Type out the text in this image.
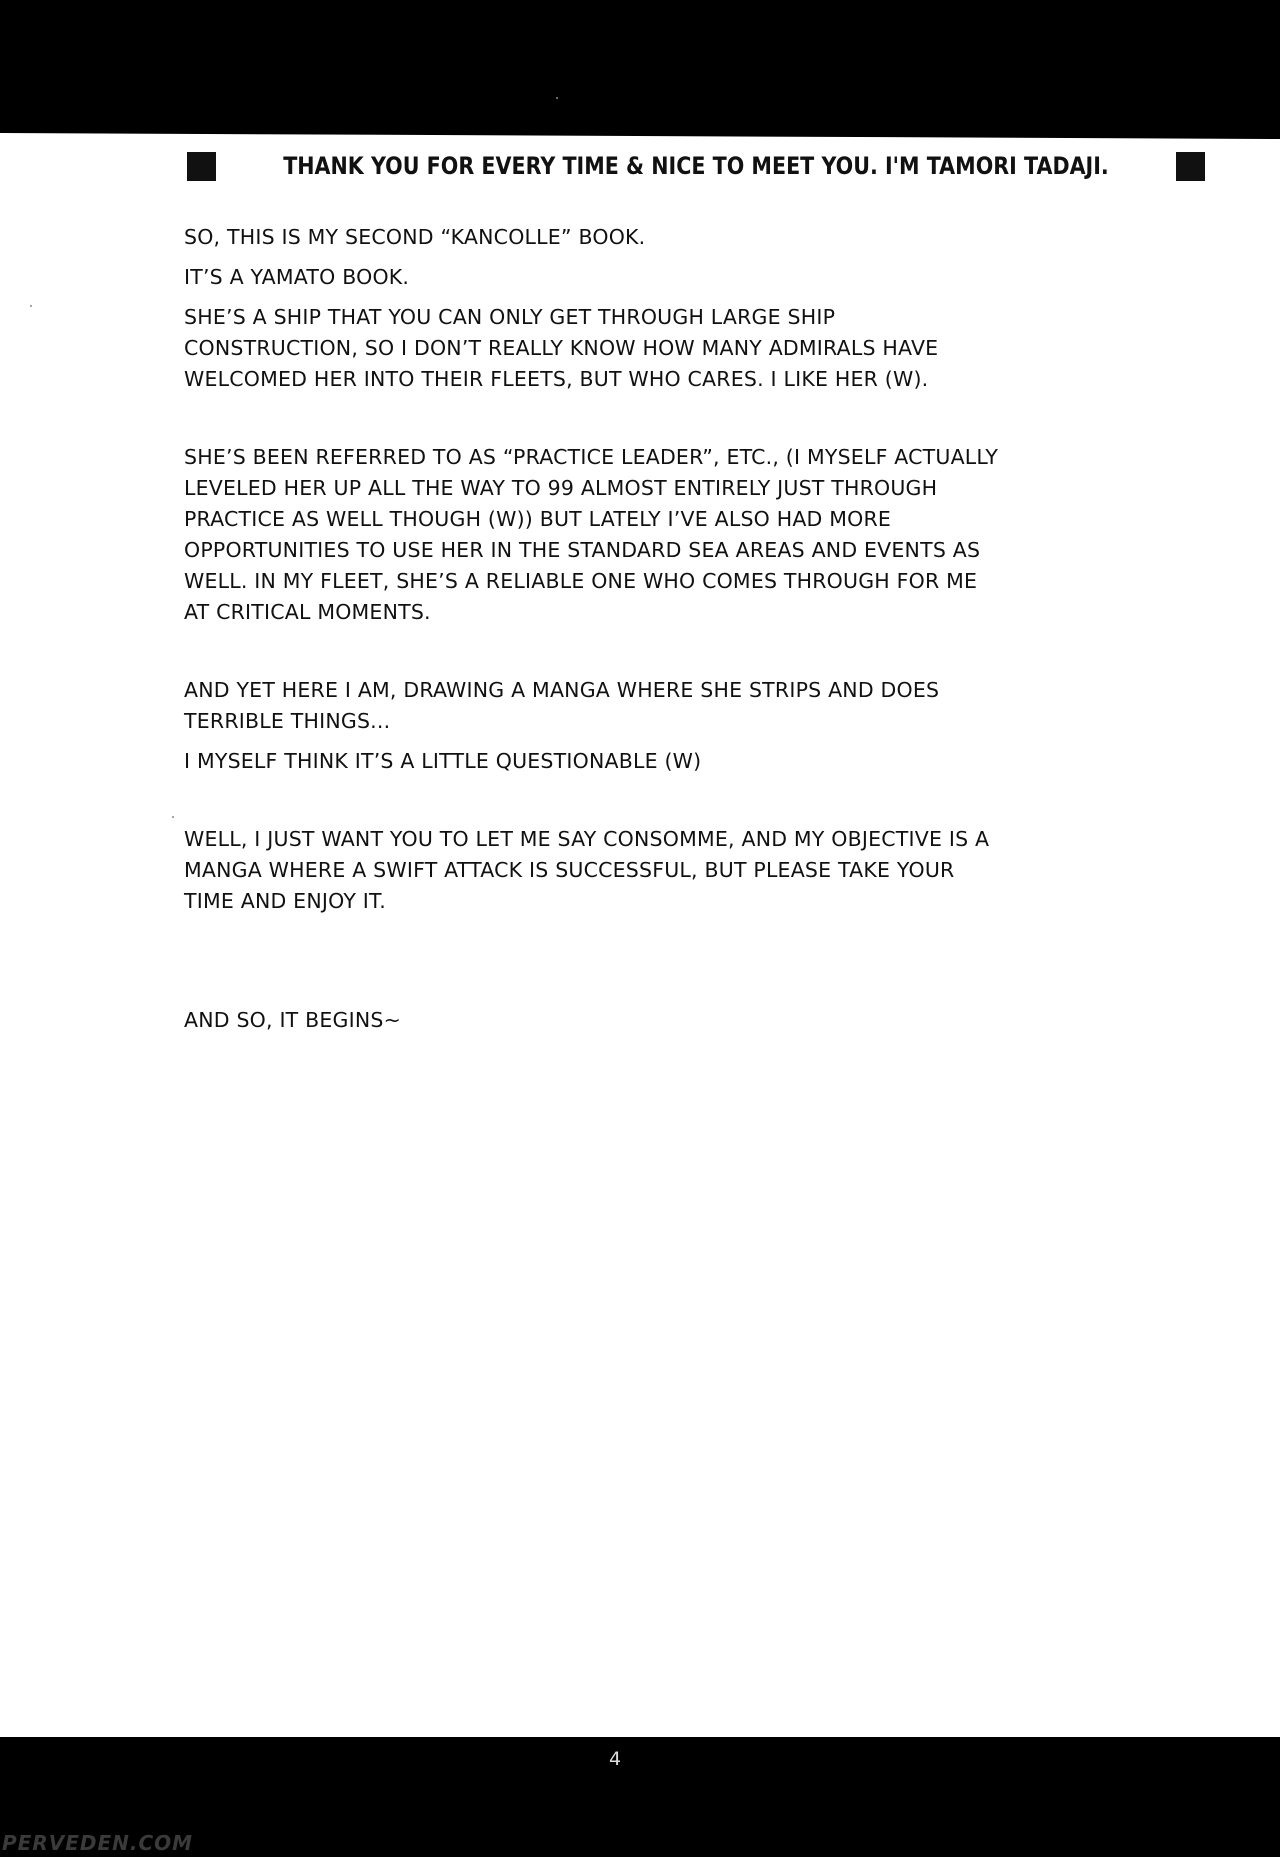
THANK YOU FOR EVERY TIME & NICE TO MEET YOU. I'M TAMORI TADAJI.

SO, THIS IS MY SECOND “KANCOLLE” BOOK.

IT’S A YAMATO BOOK.

SHE’S A SHIP THAT YOU CAN ONLY GET THROUGH LARGE SHIP
CONSTRUCTION, SO I DON’T REALLY KNOW HOW MANY ADMIRALS HAVE
WELCOMED HER INTO THEIR FLEETS, BUT WHO CARES. I LIKE HER (W).

SHE’S BEEN REFERRED TO AS “PRACTICE LEADER”, ETC., (I MYSELF ACTUALLY
LEVELED HER UP ALL THE WAY TO 99 ALMOST ENTIRELY JUST THROUGH
PRACTICE AS WELL THOUGH (W)) BUT LATELY I’VE ALSO HAD MORE
OPPORTUNITIES TO USE HER IN THE STANDARD SEA AREAS AND EVENTS AS
WELL. IN MY FLEET, SHE’S A RELIABLE ONE WHO COMES THROUGH FOR ME
AT CRITICAL MOMENTS.

AND YET HERE I AM, DRAWING A MANGA WHERE SHE STRIPS AND DOES
TERRIBLE THINGS...

I MYSELF THINK IT’S A LITTLE QUESTIONABLE (W)

WELL, I JUST WANT YOU TO LET ME SAY CONSOMME, AND MY OBJECTIVE IS A
MANGA WHERE A SWIFT ATTACK IS SUCCESSFUL, BUT PLEASE TAKE YOUR
TIME AND ENJOY IT.

AND SO, IT BEGINS~

4
PERVEDEN.COM
